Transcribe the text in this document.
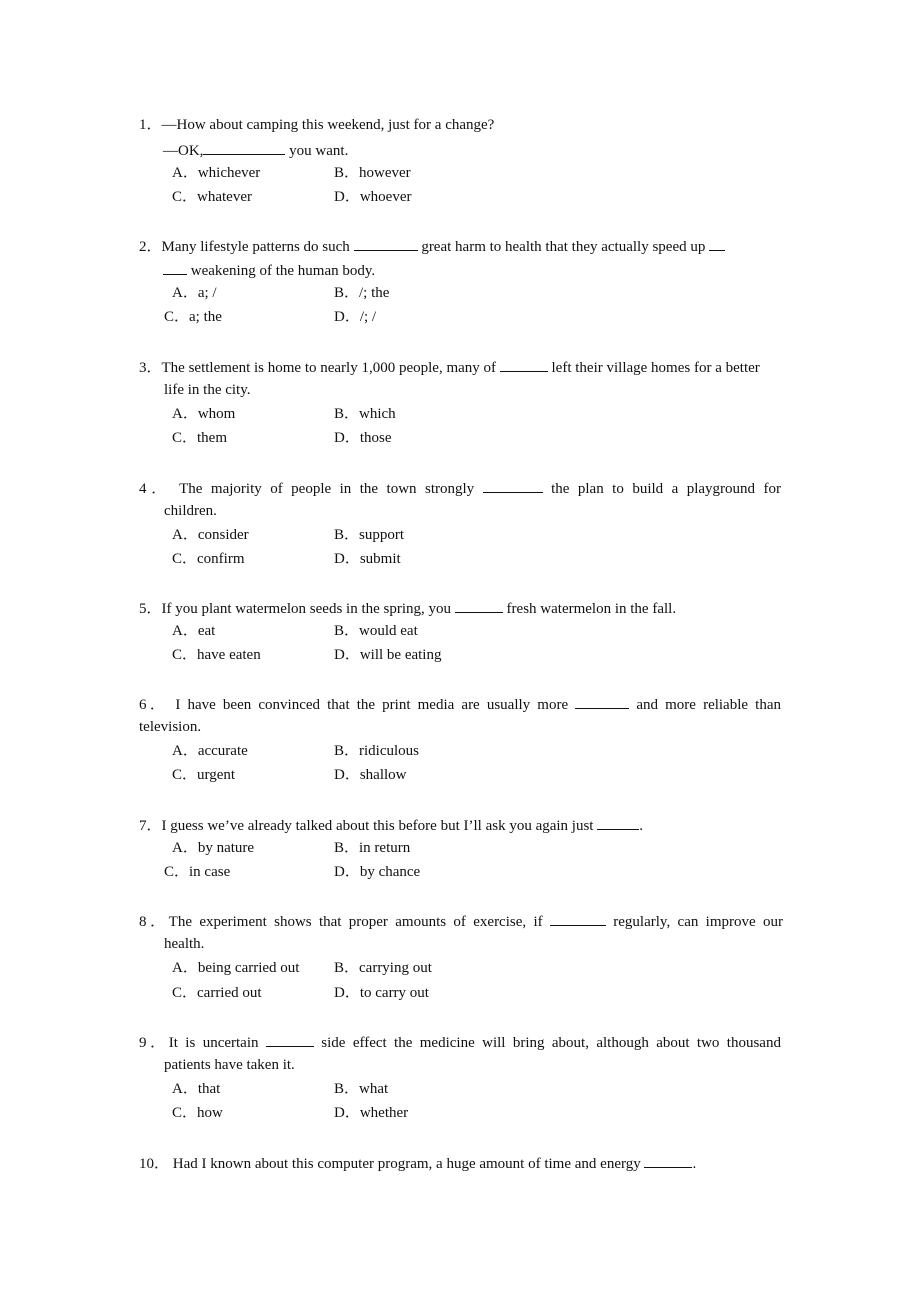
1．—How about camping this weekend, just for a change?
—OK,	you want.
A．whichever	B．however
C．whatever	D．whoever
2．Many lifestyle patterns do such	great harm to health that they actually speed up
weakening of the human body.
A．a; /	B．/; the
C．a; the	D．/; /
3．The settlement is home to nearly 1,000 people, many of	left their village homes for a better
life in the city.
A．whom	B．which
C．them	D．those
4． The majority of people in the town strongly	the plan to build a playground for
children.
A．consider	B．support
C．confirm	D．submit
5．If you plant watermelon seeds in the spring, you	fresh watermelon in the fall.
A．eat	B．would eat
C．have eaten	D．will be eating
6． I have been convinced that the print media are usually more	and more reliable than
television.
A．accurate	B．ridiculous
C．urgent	D．shallow
7．I guess we’ve already talked about this before but I’ll ask you again just	.
A．by nature	B．in return
C．in case	D．by chance
8．The experiment shows that proper amounts of exercise, if	regularly, can improve our
health.
A．being carried out B．carrying out
C．carried out	D．to carry out
9．It is uncertain	side effect the medicine will bring about, although about two thousand
patients have taken it.
A．that	B．what
C．how	D．whether
10． Had I known about this computer program, a huge amount of time and energy	.
